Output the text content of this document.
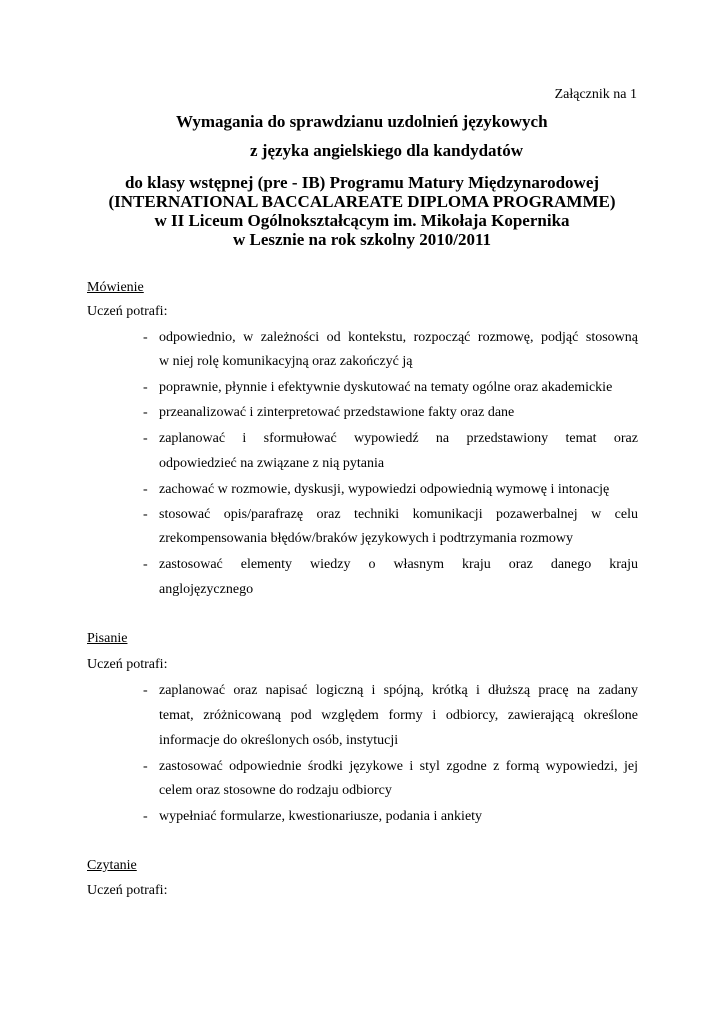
Załącznik na 1
Wymagania do sprawdzianu uzdolnień językowych
z języka angielskiego dla kandydatów
do klasy wstępnej (pre - IB) Programu Matury Międzynarodowej
(INTERNATIONAL BACCALAREATE DIPLOMA PROGRAMME)
w II Liceum Ogólnokształcącym im. Mikołaja Kopernika
w Lesznie na rok szkolny 2010/2011
Mówienie
Uczeń potrafi:
- odpowiednio, w zależności od kontekstu, rozpocząć rozmowę, podjąć stosowną
w niej rolę komunikacyjną oraz zakończyć ją
- poprawnie, płynnie i efektywnie dyskutować na tematy ogólne oraz akademickie
- przeanalizować i zinterpretować przedstawione fakty oraz dane
- zaplanować i sformułować wypowiedź na przedstawiony temat oraz
odpowiedzieć na związane z nią pytania
- zachować w rozmowie, dyskusji, wypowiedzi odpowiednią wymowę i intonację
- stosować opis/parafrazę oraz techniki komunikacji pozawerbalnej w celu
zrekompensowania błędów/braków językowych i podtrzymania rozmowy
- zastosować elementy wiedzy o własnym kraju oraz danego kraju
anglojęzycznego
Pisanie
Uczeń potrafi:
- zaplanować oraz napisać logiczną i spójną, krótką i dłuższą pracę na zadany
temat, zróżnicowaną pod względem formy i odbiorcy, zawierającą określone
informacje do określonych osób, instytucji
- zastosować odpowiednie środki językowe i styl zgodne z formą wypowiedzi, jej
celem oraz stosowne do rodzaju odbiorcy
- wypełniać formularze, kwestionariusze, podania i ankiety
Czytanie
Uczeń potrafi:
